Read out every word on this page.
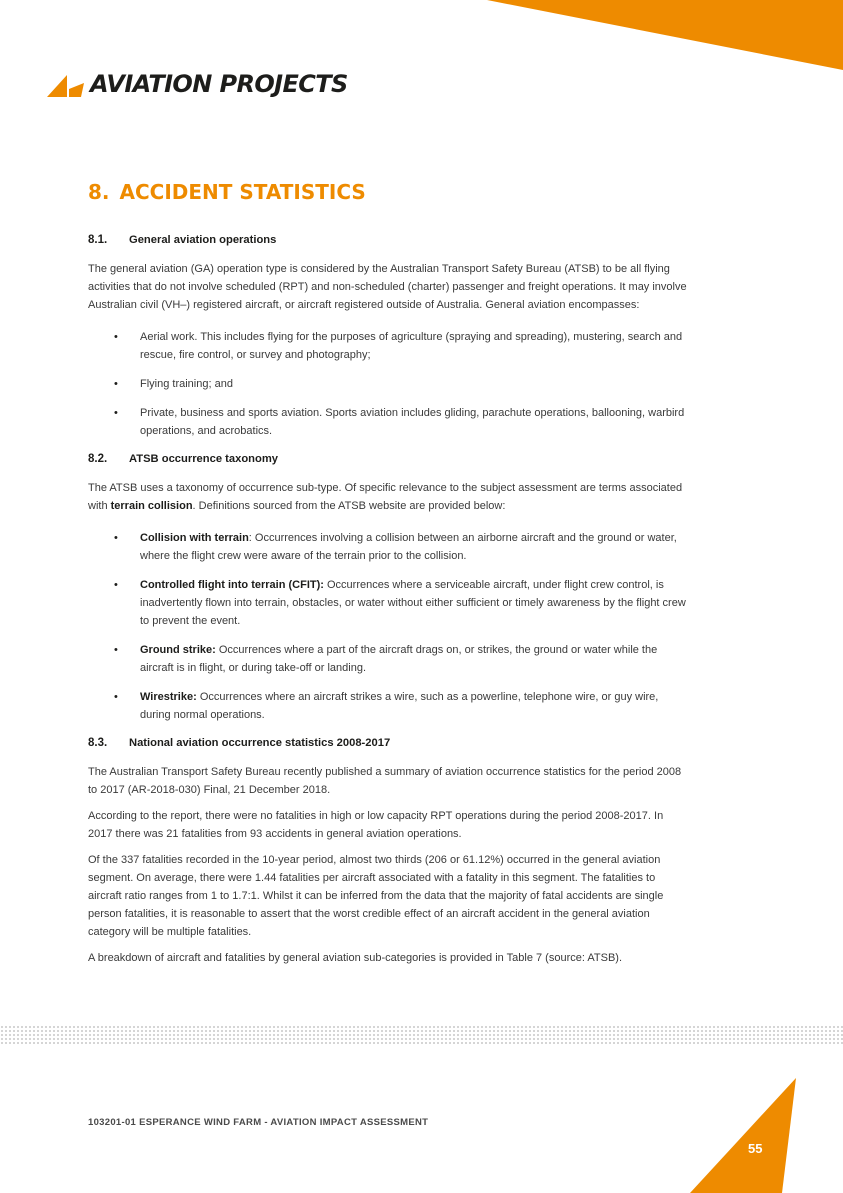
AVIATION PROJECTS
8. ACCIDENT STATISTICS
8.1. General aviation operations

The general aviation (GA) operation type is considered by the Australian Transport Safety Bureau (ATSB) to be all flying activities that do not involve scheduled (RPT) and non-scheduled (charter) passenger and freight operations. It may involve Australian civil (VH–) registered aircraft, or aircraft registered outside of Australia. General aviation encompasses:

• Aerial work. This includes flying for the purposes of agriculture (spraying and spreading), mustering, search and rescue, fire control, or survey and photography;
• Flying training; and
• Private, business and sports aviation. Sports aviation includes gliding, parachute operations, ballooning, warbird operations, and acrobatics.
8.2. ATSB occurrence taxonomy

The ATSB uses a taxonomy of occurrence sub-type. Of specific relevance to the subject assessment are terms associated with terrain collision. Definitions sourced from the ATSB website are provided below:

• Collision with terrain: Occurrences involving a collision between an airborne aircraft and the ground or water, where the flight crew were aware of the terrain prior to the collision.
• Controlled flight into terrain (CFIT): Occurrences where a serviceable aircraft, under flight crew control, is inadvertently flown into terrain, obstacles, or water without either sufficient or timely awareness by the flight crew to prevent the event.
• Ground strike: Occurrences where a part of the aircraft drags on, or strikes, the ground or water while the aircraft is in flight, or during take-off or landing.
• Wirestrike: Occurrences where an aircraft strikes a wire, such as a powerline, telephone wire, or guy wire, during normal operations.
8.3. National aviation occurrence statistics 2008-2017

The Australian Transport Safety Bureau recently published a summary of aviation occurrence statistics for the period 2008 to 2017 (AR-2018-030) Final, 21 December 2018.

According to the report, there were no fatalities in high or low capacity RPT operations during the period 2008-2017. In 2017 there was 21 fatalities from 93 accidents in general aviation operations.

Of the 337 fatalities recorded in the 10-year period, almost two thirds (206 or 61.12%) occurred in the general aviation segment. On average, there were 1.44 fatalities per aircraft associated with a fatality in this segment. The fatalities to aircraft ratio ranges from 1 to 1.7:1. Whilst it can be inferred from the data that the majority of fatal accidents are single person fatalities, it is reasonable to assert that the worst credible effect of an aircraft accident in the general aviation category will be multiple fatalities.

A breakdown of aircraft and fatalities by general aviation sub-categories is provided in Table 7 (source: ATSB).

103201-01 ESPERANCE WIND FARM - AVIATION IMPACT ASSESSMENT
55
